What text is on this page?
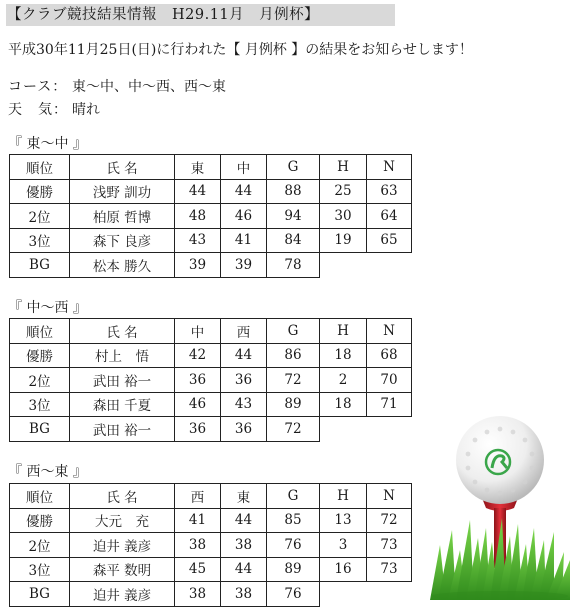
【クラブ競技結果情報　H29.11月　月例杯】
平成30年11月25日(日)に行われた【 月例杯 】の結果をお知らせします！
コース： 東～中、中～西、西～東
天　気： 晴れ
『 東～中 』
順位	氏 名	東	中	G	H	N
優勝	浅野 訓功	44	44	88	25	63
2位	柏原 哲博	48	46	94	30	64
3位	森下 良彦	43	41	84	19	65
BG	松本 勝久	39	39	78		
『 中～西 』
順位	氏 名	中	西	G	H	N
優勝	村上　悟	42	44	86	18	68
2位	武田 裕一	36	36	72	2	70
3位	森田 千夏	46	43	89	18	71
BG	武田 裕一	36	36	72		
『 西～東 』
順位	氏 名	西	東	G	H	N
優勝	大元　充	41	44	85	13	72
2位	迫井 義彦	38	38	76	3	73
3位	森平 数明	45	44	89	16	73
BG	迫井 義彦	38	38	76		
